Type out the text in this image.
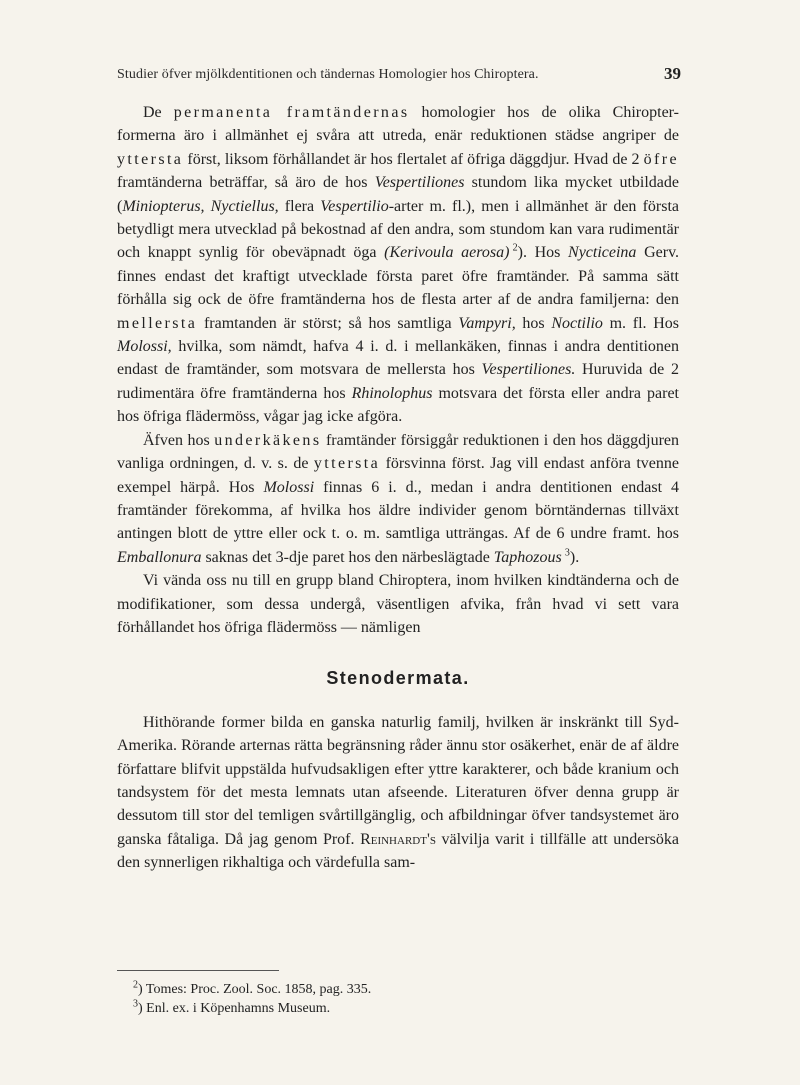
Studier öfver mjölkdentitionen och tändernas Homologier hos Chiroptera.	39

De permanenta framtändernas homologier hos de olika Chiropter-formerna äro i allmänhet ej svåra att utreda, enär reduktionen städse angriper de yttersta först, liksom förhållandet är hos flertalet af öfriga däggdjur. Hvad de 2 öfre framtänderna beträffar, så äro de hos Vespertiliones stundom lika mycket utbildade (Miniopterus, Nyctiellus, flera Vespertilio-arter m. fl.), men i allmänhet är den första betydligt mera utvecklad på bekostnad af den andra, som stundom kan vara rudimentär och knappt synlig för obeväpnadt öga (Kerivoula aerosa)  $^2$). Hos Nycticeina Gerv. finnes endast det kraftigt utvecklade första paret öfre framtänder. På samma sätt förhålla sig ock de öfre framtänderna hos de flesta arter af de andra familjerna: den mellersta framtanden är störst; så hos samtliga Vampyri, hos Noctilio m. fl. Hos Molossi, hvilka, som nämdt, hafva 4 i. d. i mellankäken, finnas i andra dentitionen endast de framtänder, som motsvara de mellersta hos Vespertiliones. Huruvida de 2 rudimentära öfre framtänderna hos Rhinolophus motsvara det första eller andra paret hos öfriga flädermöss, vågar jag icke afgöra.

Äfven hos underkäkens framtänder försiggår reduktionen i den hos däggdjuren vanliga ordningen, d. v. s. de yttersta försvinna först. Jag vill endast anföra tvenne exempel härpå. Hos Molossi finnas 6 i. d., medan i andra dentitionen endast 4 framtänder förekomma, af hvilka hos äldre individer genom börntändernas tillväxt antingen blott de yttre eller ock t. o. m. samtliga utträngas. Af de 6 undre framt. hos Emballonura saknas det 3-dje paret hos den närbeslägtade Taphozous  $^3$).

Vi vända oss nu till en grupp bland Chiroptera, inom hvilken kindtänderna och de modifikationer, som dessa undergå, väsentligen afvika, från hvad vi sett vara förhållandet hos öfriga flädermöss — nämligen

Stenodermata.

Hithörande former bilda en ganska naturlig familj, hvilken är inskränkt till Syd-Amerika. Rörande arternas rätta begränsning råder ännu stor osäkerhet, enär de af äldre författare blifvit uppstälda hufvudsakligen efter yttre karakterer, och både kranium och tandsystem för det mesta lemnats utan afseende. Literaturen öfver denna grupp är dessutom till stor del temligen svårtillgänglig, och afbildningar öfver tandsystemet äro ganska fåtaliga. Då jag genom Prof. Reinhardt's välvilja varit i tillfälle att undersöka den synnerligen rikhaltiga och värdefulla sam-

$^2$) Tomes: Proc. Zool. Soc. 1858, pag. 335.

$^3$) Enl. ex. i Köpenhamns Museum.
